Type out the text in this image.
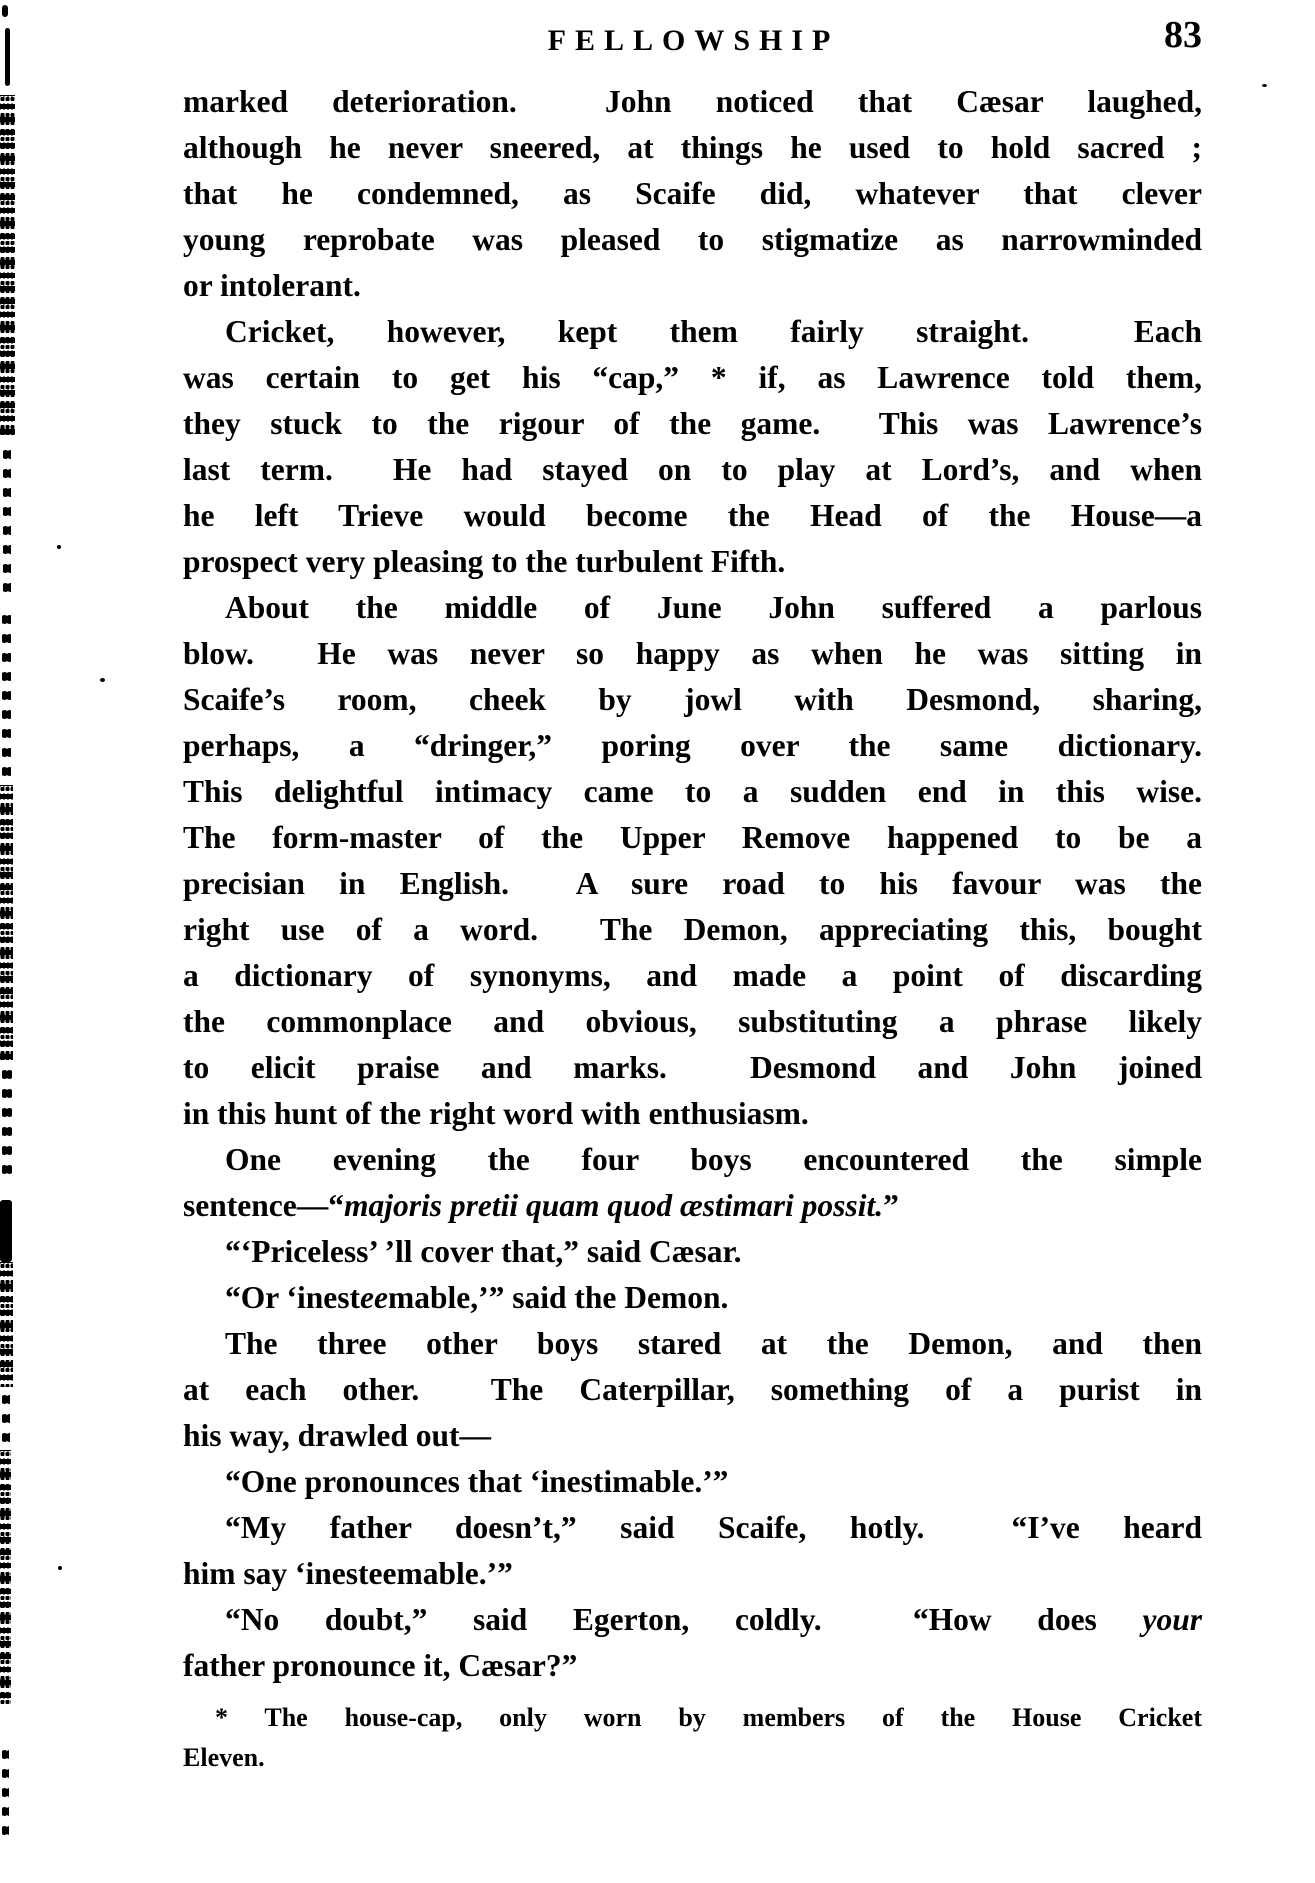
FELLOWSHIP	83
marked deterioration.  John noticed that Cæsar laughed,
although he never sneered, at things he used to hold sacred ;
that he condemned, as Scaife did, whatever that clever
young reprobate was pleased to stigmatize as narrowminded
or intolerant.
Cricket, however, kept them fairly straight.  Each
was certain to get his “cap,” * if, as Lawrence told them,
they stuck to the rigour of the game.  This was Lawrence’s
last term.  He had stayed on to play at Lord’s, and when
he left Trieve would become the Head of the House—a
prospect very pleasing to the turbulent Fifth.
About the middle of June John suffered a parlous
blow.  He was never so happy as when he was sitting in
Scaife’s room, cheek by jowl with Desmond, sharing,
perhaps, a “dringer,” poring over the same dictionary.
This delightful intimacy came to a sudden end in this wise.
The form-master of the Upper Remove happened to be a
precisian in English.  A sure road to his favour was the
right use of a word.  The Demon, appreciating this, bought
a dictionary of synonyms, and made a point of discarding
the commonplace and obvious, substituting a phrase likely
to elicit praise and marks.  Desmond and John joined
in this hunt of the right word with enthusiasm.
One evening the four boys encountered the simple
sentence—“majoris pretii quam quod æstimari possit.”
“‘Priceless’ ’ll cover that,” said Cæsar.
“Or ‘inesteemable,’” said the Demon.
The three other boys stared at the Demon, and then
at each other.  The Caterpillar, something of a purist in
his way, drawled out—
“One pronounces that ‘inestimable.’”
“My father doesn’t,” said Scaife, hotly.  “I’ve heard
him say ‘inesteemable.’”
“No doubt,” said Egerton, coldly.  “How does your
father pronounce it, Cæsar?”
* The house-cap, only worn by members of the House Cricket
Eleven.
